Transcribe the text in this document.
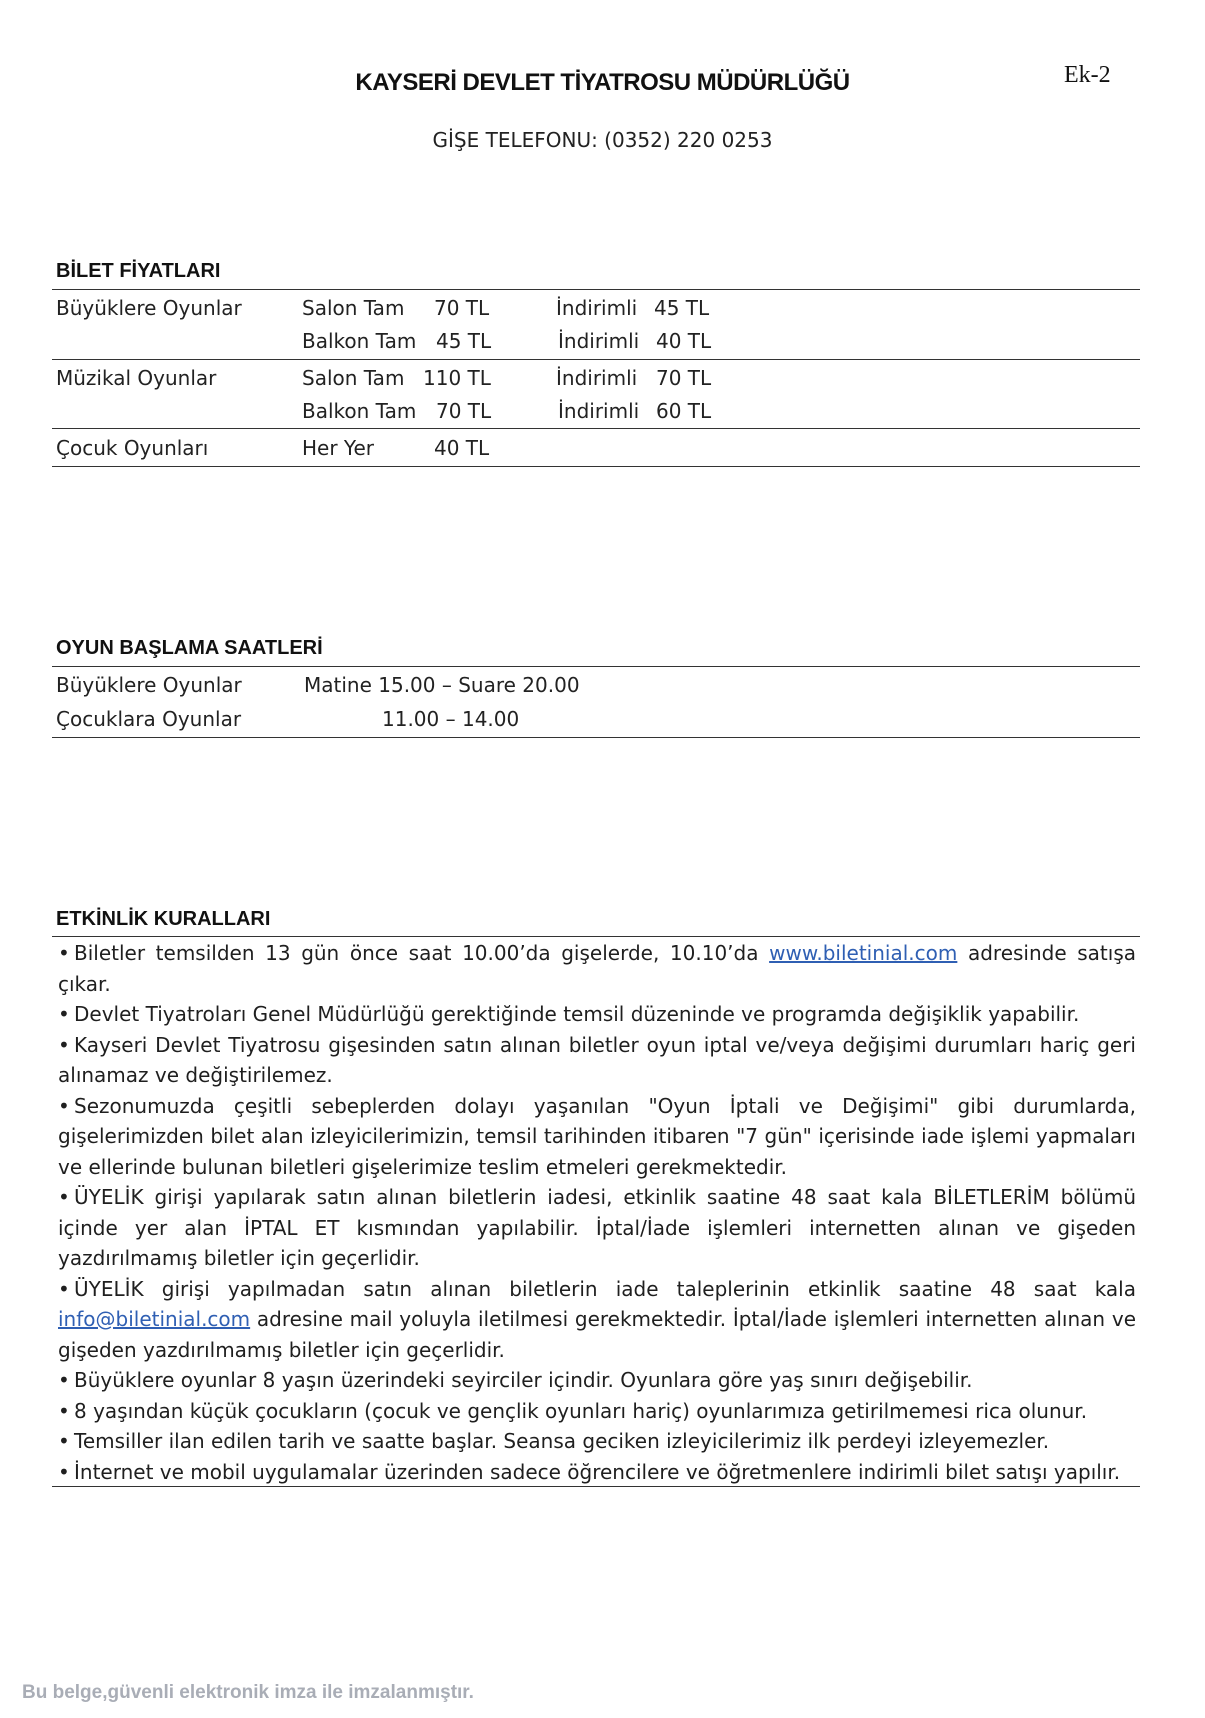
Ek-2
KAYSERİ DEVLET TİYATROSU MÜDÜRLÜĞÜ
GİŞE TELEFONU: (0352) 220 0253
BİLET FİYATLARI
Büyüklere Oyunlar	Salon Tam 70 TL	İndirimli 45 TL
Balkon Tam 45 TL	İndirimli 40 TL
Müzikal Oyunlar	Salon Tam 110 TL	İndirimli 70 TL
Balkon Tam 70 TL	İndirimli 60 TL
Çocuk Oyunları	Her Yer	40 TL
OYUN BAŞLAMA SAATLERİ
Büyüklere Oyunlar	Matine 15.00 – Suare 20.00
Çocuklara Oyunlar	11.00 – 14.00
ETKİNLİK KURALLARI
• Biletler temsilden 13 gün önce saat 10.00’da gişelerde, 10.10’da www.biletinial.com adresinde satışa çıkar.
• Devlet Tiyatroları Genel Müdürlüğü gerektiğinde temsil düzeninde ve programda değişiklik yapabilir.
• Kayseri Devlet Tiyatrosu gişesinden satın alınan biletler oyun iptal ve/veya değişimi durumları hariç geri alınamaz ve değiştirilemez.
• Sezonumuzda çeşitli sebeplerden dolayı yaşanılan "Oyun İptali ve Değişimi" gibi durumlarda, gişelerimizden bilet alan izleyicilerimizin, temsil tarihinden itibaren "7 gün" içerisinde iade işlemi yapmaları ve ellerinde bulunan biletleri gişelerimize teslim etmeleri gerekmektedir.
• ÜYELİK girişi yapılarak satın alınan biletlerin iadesi, etkinlik saatine 48 saat kala BİLETLERİM bölümü içinde yer alan İPTAL ET kısmından yapılabilir. İptal/İade işlemleri internetten alınan ve gişeden yazdırılmamış biletler için geçerlidir.
• ÜYELİK girişi yapılmadan satın alınan biletlerin iade taleplerinin etkinlik saatine 48 saat kala info@biletinial.com adresine mail yoluyla iletilmesi gerekmektedir. İptal/İade işlemleri internetten alınan ve gişeden yazdırılmamış biletler için geçerlidir.
• Büyüklere oyunlar 8 yaşın üzerindeki seyirciler içindir. Oyunlara göre yaş sınırı değişebilir.
• 8 yaşından küçük çocukların (çocuk ve gençlik oyunları hariç) oyunlarımıza getirilmemesi rica olunur.
• Temsiller ilan edilen tarih ve saatte başlar. Seansa geciken izleyicilerimiz ilk perdeyi izleyemezler.
• İnternet ve mobil uygulamalar üzerinden sadece öğrencilere ve öğretmenlere indirimli bilet satışı yapılır.
Bu belge,güvenli elektronik imza ile imzalanmıştır.
